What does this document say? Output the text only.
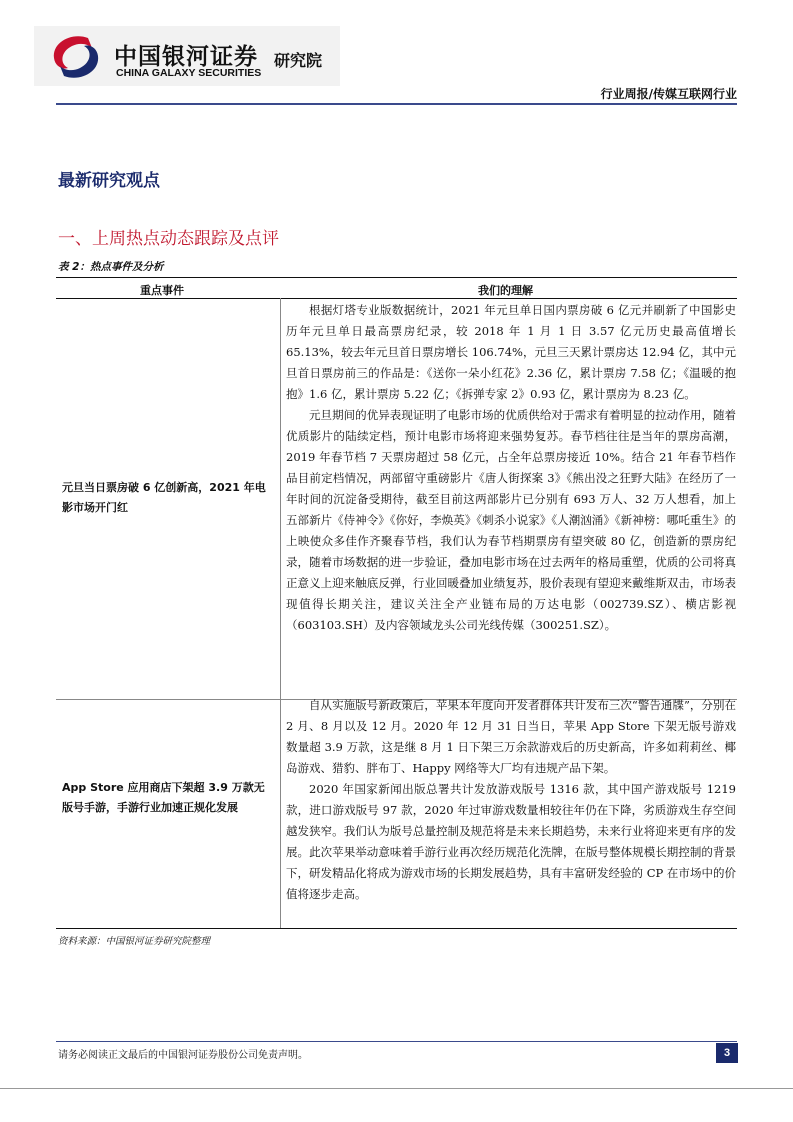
中国银河证券
CHINA GALAXY SECURITIES
研究院
行业周报/传媒互联网行业
最新研究观点
一、上周热点动态跟踪及点评
表 2：热点事件及分析
重点事件	我们的理解
元旦当日票房破 6 亿创新高，2021 年电影市场开门红

根据灯塔专业版数据统计，2021 年元旦单日国内票房破 6 亿元并刷新了中国影史历年元旦单日最高票房纪录，较 2018 年 1 月 1 日 3.57 亿元历史最高值增长 65.13%，较去年元旦首日票房增长 106.74%，元旦三天累计票房达 12.94 亿，其中元旦首日票房前三的作品是：《送你一朵小红花》2.36 亿，累计票房 7.58 亿；《温暖的抱抱》1.6 亿，累计票房 5.22 亿；《拆弹专家 2》0.93 亿，累计票房为 8.23 亿。

元旦期间的优异表现证明了电影市场的优质供给对于需求有着明显的拉动作用，随着优质影片的陆续定档，预计电影市场将迎来强势复苏。春节档往往是当年的票房高潮，2019 年春节档 7 天票房超过 58 亿元，占全年总票房接近 10%。结合 21 年春节档作品目前定档情况，两部留守重磅影片《唐人街探案 3》《熊出没之狂野大陆》在经历了一年时间的沉淀备受期待，截至目前这两部影片已分别有 693 万人、32 万人想看，加上五部新片《侍神令》《你好，李焕英》《刺杀小说家》《人潮汹涌》《新神榜：哪吒重生》的上映使众多佳作齐聚春节档，我们认为春节档期票房有望突破 80 亿，创造新的票房纪录，随着市场数据的进一步验证，叠加电影市场在过去两年的格局重塑，优质的公司将真正意义上迎来触底反弹，行业回暖叠加业绩复苏，股价表现有望迎来戴维斯双击，市场表现值得长期关注，建议关注全产业链布局的万达电影（002739.SZ）、横店影视（603103.SH）及内容领域龙头公司光线传媒（300251.SZ）。

App Store 应用商店下架超 3.9 万款无版号手游，手游行业加速正规化发展

自从实施版号新政策后，苹果本年度向开发者群体共计发布三次“警告通牒”，分别在 2 月、8 月以及 12 月。2020 年 12 月 31 日当日，苹果 App Store 下架无版号游戏数量超 3.9 万款，这是继 8 月 1 日下架三万余款游戏后的历史新高，许多如莉莉丝、椰岛游戏、猎豹、胖布丁、Happy 网络等大厂均有违规产品下架。

2020 年国家新闻出版总署共计发放游戏版号 1316 款，其中国产游戏版号 1219 款，进口游戏版号 97 款，2020 年过审游戏数量相较往年仍在下降，劣质游戏生存空间越发狭窄。我们认为版号总量控制及规范将是未来长期趋势，未来行业将迎来更有序的发展。此次苹果举动意味着手游行业再次经历规范化洗牌，在版号整体规模长期控制的背景下，研发精品化将成为游戏市场的长期发展趋势，具有丰富研发经验的 CP 在市场中的价值将逐步走高。

资料来源：中国银河证券研究院整理
请务必阅读正文最后的中国银河证券股份公司免责声明。	3
